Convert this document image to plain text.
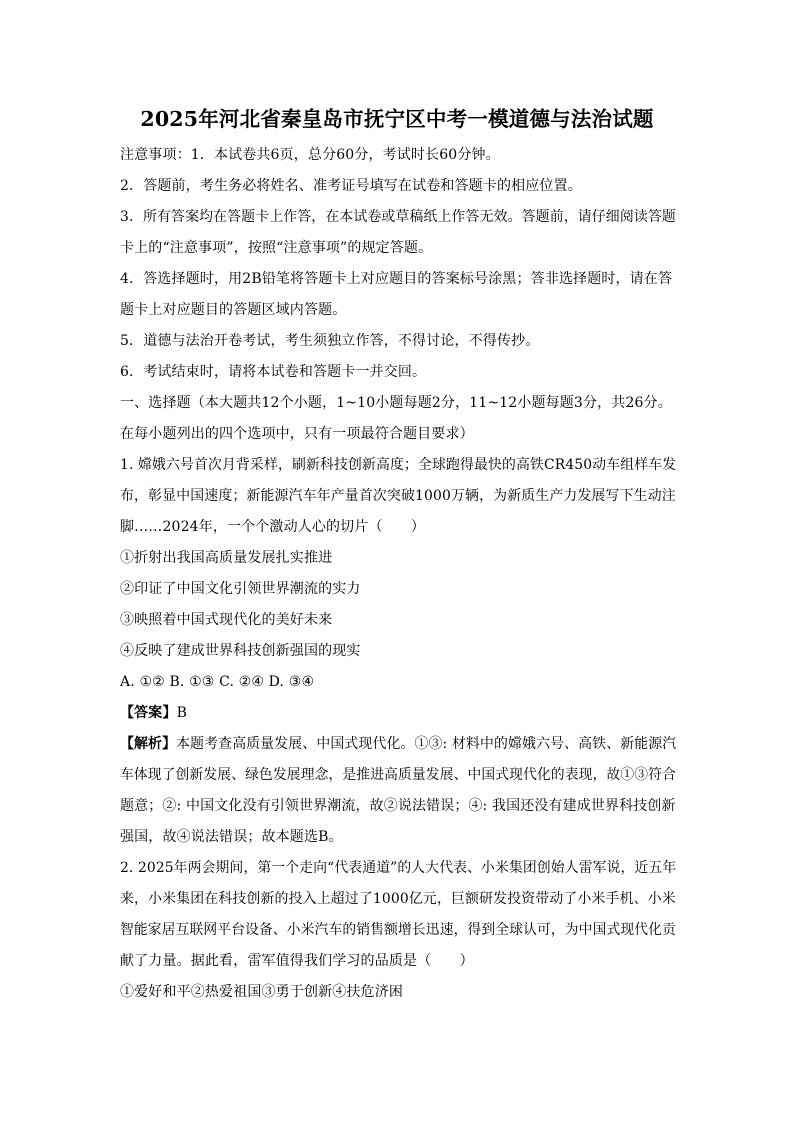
2025年河北省秦皇岛市抚宁区中考一模道德与法治试题
注意事项：1．本试卷共6页，总分60分，考试时长60分钟。
2．答题前，考生务必将姓名、准考证号填写在试卷和答题卡的相应位置。
3．所有答案均在答题卡上作答，在本试卷或草稿纸上作答无效。答题前，请仔细阅读答题
卡上的“注意事项”，按照“注意事项”的规定答题。
4．答选择题时，用2B铅笔将答题卡上对应题目的答案标号涂黑；答非选择题时，请在答
题卡上对应题目的答题区域内答题。
5．道德与法治开卷考试，考生须独立作答，不得讨论，不得传抄。
6．考试结束时，请将本试卷和答题卡一并交回。
一、选择题（本大题共12个小题，1~10小题每题2分，11~12小题每题3分，共26分。
在每小题列出的四个选项中，只有一项最符合题目要求）
1. 嫦娥六号首次月背采样，刷新科技创新高度；全球跑得最快的高铁CR450动车组样车发
布，彰显中国速度；新能源汽车年产量首次突破1000万辆，为新质生产力发展写下生动注
脚……2024年，一个个激动人心的切片（　　）
①折射出我国高质量发展扎实推进
②印证了中国文化引领世界潮流的实力
③映照着中国式现代化的美好未来
④反映了建成世界科技创新强国的现实
A. ①② B. ①③ C. ②④ D. ③④
【答案】B
【解析】本题考查高质量发展、中国式现代化。①③: 材料中的嫦娥六号、高铁、新能源汽
车体现了创新发展、绿色发展理念，是推进高质量发展、中国式现代化的表现，故①③符合
题意；②: 中国文化没有引领世界潮流，故②说法错误；④: 我国还没有建成世界科技创新
强国，故④说法错误；故本题选B。
2. 2025年两会期间，第一个走向“代表通道”的人大代表、小米集团创始人雷军说，近五年
来，小米集团在科技创新的投入上超过了1000亿元，巨额研发投资带动了小米手机、小米
智能家居互联网平台设备、小米汽车的销售额增长迅速，得到全球认可，为中国式现代化贡
献了力量。据此看，雷军值得我们学习的品质是（　　）
①爱好和平②热爱祖国③勇于创新④扶危济困
